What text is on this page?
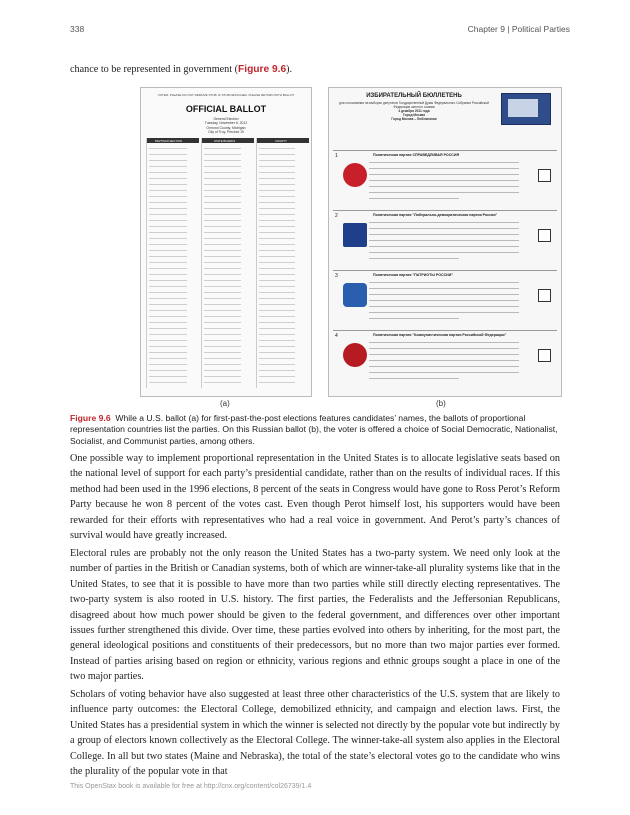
338	Chapter 9 | Political Parties
chance to be represented in government (Figure 9.6).
VOTER: PLEASE DO NOT REMOVE STUB. IF STUB DETACHED, PLEASE RETURN WITH BALLOT
OFFICIAL BALLOT
General Election
Tuesday, November 6, 2012
Ormond County, Michigan
City of Troy, Precinct 19
PARTISAN SECTION	STATE BOARDS	COUNTY
(a)
ИЗБИРАТЕЛЬНЫЙ БЮЛЛЕТЕНЬ
для голосования на выборах депутатов Государственной Думы Федерального Собрания Российской Федерации шестого созыва
4 декабря 2011 года
Город Москва
Город Москва – Люблинская
1	Политическая партия СПРАВЕДЛИВАЯ РОССИЯ
2	Политическая партия "Либерально-демократическая партия России"
3	Политическая партия "ПАТРИОТЫ РОССИИ"
4	Политическая партия "Коммунистическая партия Российской Федерации"
(b)
Figure 9.6 While a U.S. ballot (a) for first-past-the-post elections features candidates’ names, the ballots of proportional representation countries list the parties. On this Russian ballot (b), the voter is offered a choice of Social Democratic, Nationalist, Socialist, and Communist parties, among others.
One possible way to implement proportional representation in the United States is to allocate legislative seats based on the national level of support for each party’s presidential candidate, rather than on the results of individual races. If this method had been used in the 1996 elections, 8 percent of the seats in Congress would have gone to Ross Perot’s Reform Party because he won 8 percent of the votes cast. Even though Perot himself lost, his supporters would have been rewarded for their efforts with representatives who had a real voice in government. And Perot’s party’s chances of survival would have greatly increased.
Electoral rules are probably not the only reason the United States has a two-party system. We need only look at the number of parties in the British or Canadian systems, both of which are winner-take-all plurality systems like that in the United States, to see that it is possible to have more than two parties while still directly electing representatives. The two-party system is also rooted in U.S. history. The first parties, the Federalists and the Jeffersonian Republicans, disagreed about how much power should be given to the federal government, and differences over other important issues further strengthened this divide. Over time, these parties evolved into others by inheriting, for the most part, the general ideological positions and constituents of their predecessors, but no more than two major parties ever formed. Instead of parties arising based on region or ethnicity, various regions and ethnic groups sought a place in one of the two major parties.
Scholars of voting behavior have also suggested at least three other characteristics of the U.S. system that are likely to influence party outcomes: the Electoral College, demobilized ethnicity, and campaign and election laws. First, the United States has a presidential system in which the winner is selected not directly by the popular vote but indirectly by a group of electors known collectively as the Electoral College. The winner-take-all system also applies in the Electoral College. In all but two states (Maine and Nebraska), the total of the state’s electoral votes go to the candidate who wins the plurality of the popular vote in that
This OpenStax book is available for free at http://cnx.org/content/col26739/1.4
